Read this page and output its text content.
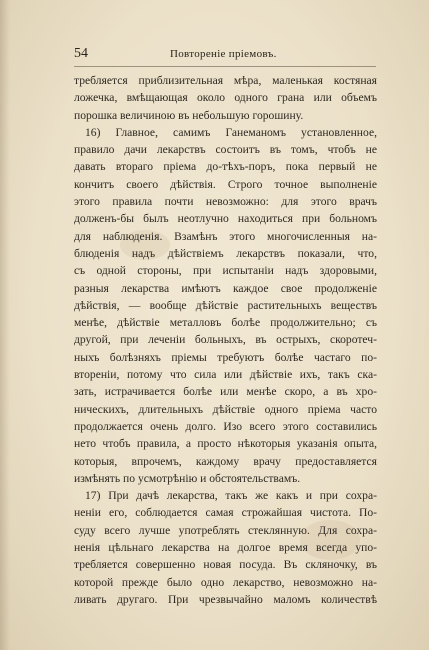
54	Повтореніе пріемовъ.
требляется приблизительная мѣра, маленькая костяная
ложечка, вмѣщающая около одного грана или объемъ
порошка величиною въ небольшую горошину.
16) Главное, самимъ Ганемaномъ установленное,
правило дачи лекарствъ состоитъ въ томъ, чтобъ не
давать втораго пріема до-тѣхъ-поръ, пока первый не
кончитъ своего дѣйствія. Строго точное выполненіе
этого правила почти невозможно: для этого врачъ
долженъ-бы былъ неотлучно находиться при больномъ
для наблюденія. Взамѣнъ этого многочисленныя на-
блюденія надъ дѣйствіемъ лекарствъ показали, что,
съ одной стороны, при испытаніи надъ здоровыми,
разныя лекарства имѣютъ каждое свое продолженіе
дѣйствія, — вообще дѣйствіе растительныхъ веществъ
менѣе, дѣйствіе металловъ болѣе продолжительно; съ
другой, при леченіи больныхъ, въ острыхъ, скоротеч-
ныхъ болѣзняхъ пріемы требуютъ болѣе частаго по-
втореніи, потому что сила или дѣйствіе ихъ, такъ ска-
зать, истрачивается болѣе или менѣе скоро, а въ хро-
ническихъ, длительныхъ дѣйствіе одного пріема часто
продолжается очень долго. Изо всего этого составились
нето чтобъ правила, а просто нѣкоторыя указанія опыта,
которыя, впрочемъ, каждому врачу предоставляется
измѣнять по усмотрѣнію и обстоятельствамъ.
17) При дачѣ лекарства, такъ же какъ и при сохра-
неніи его, соблюдается самая строжайшая чистота. По-
суду всего лучше употреблять стеклянную. Для сохра-
ненія цѣльнаго лекарства на долгое время всегда упо-
требляется совершенно новая посуда. Въ скляночку, въ
которой прежде было одно лекарство, невозможно на-
ливать другаго. При чрезвычайно маломъ количествѣ
